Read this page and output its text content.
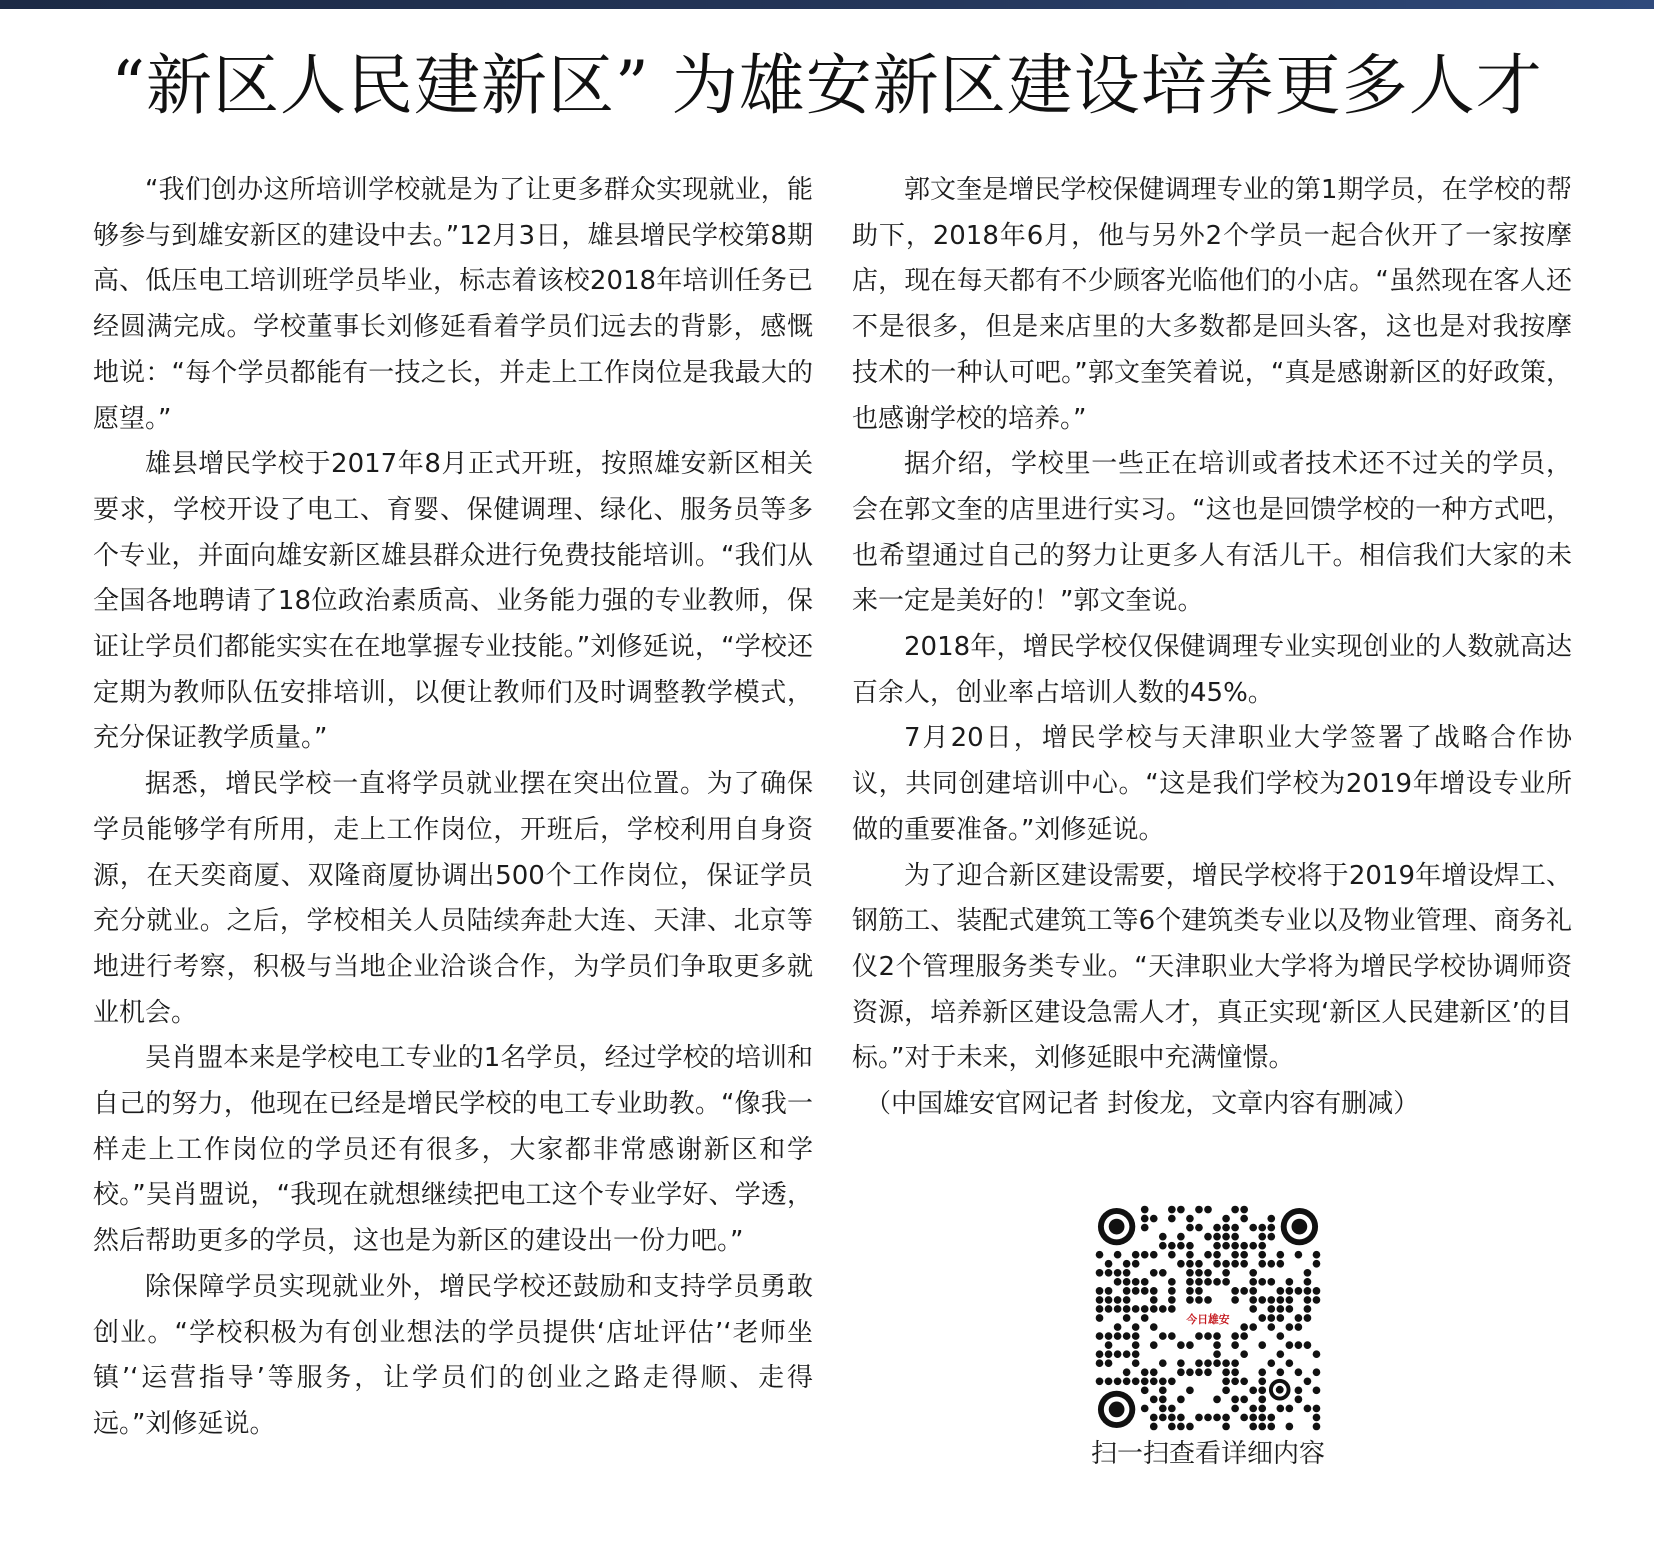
“新区人民建新区” 为雄安新区建设培养更多人才

“我们创办这所培训学校就是为了让更多群众实现就业，能够参与到雄安新区的建设中去。”12月3日，雄县增民学校第8期高、低压电工培训班学员毕业，标志着该校2018年培训任务已经圆满完成。学校董事长刘修延看着学员们远去的背影，感慨地说：“每个学员都能有一技之长，并走上工作岗位是我最大的愿望。”

雄县增民学校于2017年8月正式开班，按照雄安新区相关要求，学校开设了电工、育婴、保健调理、绿化、服务员等多个专业，并面向雄安新区雄县群众进行免费技能培训。“我们从全国各地聘请了18位政治素质高、业务能力强的专业教师，保证让学员们都能实实在在地掌握专业技能。”刘修延说，“学校还定期为教师队伍安排培训，以便让教师们及时调整教学模式，充分保证教学质量。”

据悉，增民学校一直将学员就业摆在突出位置。为了确保学员能够学有所用，走上工作岗位，开班后，学校利用自身资源，在天奕商厦、双隆商厦协调出500个工作岗位，保证学员充分就业。之后，学校相关人员陆续奔赴大连、天津、北京等地进行考察，积极与当地企业洽谈合作，为学员们争取更多就业机会。

吴肖盟本来是学校电工专业的1名学员，经过学校的培训和自己的努力，他现在已经是增民学校的电工专业助教。“像我一样走上工作岗位的学员还有很多，大家都非常感谢新区和学校。”吴肖盟说，“我现在就想继续把电工这个专业学好、学透，然后帮助更多的学员，这也是为新区的建设出一份力吧。”

除保障学员实现就业外，增民学校还鼓励和支持学员勇敢创业。“学校积极为有创业想法的学员提供‘店址评估’‘老师坐镇’‘运营指导’等服务，让学员们的创业之路走得顺、走得远。”刘修延说。

郭文奎是增民学校保健调理专业的第1期学员，在学校的帮助下，2018年6月，他与另外2个学员一起合伙开了一家按摩店，现在每天都有不少顾客光临他们的小店。“虽然现在客人还不是很多，但是来店里的大多数都是回头客，这也是对我按摩技术的一种认可吧。”郭文奎笑着说，“真是感谢新区的好政策，也感谢学校的培养。”

据介绍，学校里一些正在培训或者技术还不过关的学员，会在郭文奎的店里进行实习。“这也是回馈学校的一种方式吧，也希望通过自己的努力让更多人有活儿干。相信我们大家的未来一定是美好的！”郭文奎说。

2018年，增民学校仅保健调理专业实现创业的人数就高达百余人，创业率占培训人数的45%。

7月20日，增民学校与天津职业大学签署了战略合作协议，共同创建培训中心。“这是我们学校为2019年增设专业所做的重要准备。”刘修延说。

为了迎合新区建设需要，增民学校将于2019年增设焊工、钢筋工、装配式建筑工等6个建筑类专业以及物业管理、商务礼仪2个管理服务类专业。“天津职业大学将为增民学校协调师资资源，培养新区建设急需人才，真正实现‘新区人民建新区’的目标。”对于未来，刘修延眼中充满憧憬。

（中国雄安官网记者 封俊龙，文章内容有删减）

今日雄安
扫一扫查看详细内容
